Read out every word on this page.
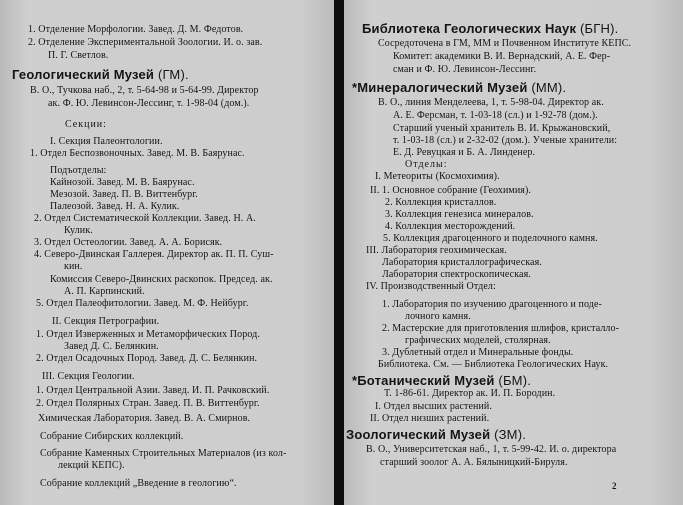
1. Отделение Морфологии. Завед. Д. М. Федотов.
2. Отделение Экспериментальной Зоологии. И. о. зав.
П. Г. Светлов.
Геологический Музей (ГМ).
В. О., Тучкова наб., 2, т. 5-64-98 и 5-64-99. Директор
ак. Ф. Ю. Левинсон-Лессинг, т. 1-98-04 (дом.).
Секции:
I. Секция Палеонтологии.
1. Отдел Беспозвоночных. Завед. М. В. Баярунас.
Подъотделы:
Кайнозой. Завед. М. В. Баярунас.
Мезозой. Завед. П. В. Виттенбург.
Палеозой. Завед. Н. А. Кулик.
2. Отдел Систематической Коллекции. Завед. Н. А.
Кулик.
3. Отдел Остеологии. Завед. А. А. Борисяк.
4. Северо-Двинская Галлерея. Директор ак. П. П. Суш-
кин.
Комиссия Северо-Двинских раскопок. Председ. ак.
А. П. Карпинский.
5. Отдел Палеофитологии. Завед. М. Ф. Нейбург.
II. Секция Петрографии.
1. Отдел Изверженных и Метаморфических Пород.
Завед Д. С. Белянкин.
2. Отдел Осадочных Пород. Завед. Д. С. Белянкин.
III. Секция Геологии.
1. Отдел Центральной Азии. Завед. И. П. Рачковский.
2. Отдел Полярных Стран. Завед. П. В. Виттенбург.
Химическая Лаборатория. Завед. В. А. Смирнов.
Собрание Сибирских коллекций.
Собрание Каменных Строительных Материалов (из кол-
лекций КЕПС).
Собрание коллекций „Введение в геологию“.
Библиотека Геологических Наук (БГН).
Сосредоточена в ГМ, ММ и Почвенном Институте КЕПС.
Комитет: академики В. И. Вернадский, А. Е. Фер-
сман и Ф. Ю. Левинсон-Лессинг.
*Минералогический Музей (ММ).
В. О., линия Менделеева, 1, т. 5-98-04. Директор ак.
А. Е. Ферсман, т. 1-03-18 (сл.) и 1-92-78 (дом.).
Старший ученый хранитель В. И. Крыжановский,
т. 1-03-18 (сл.) и 2-32-02 (дом.). Ученые хранители:
Е. Д. Ревуцкая и Б. А. Линденер.
Отделы:
I. Метеориты (Космохимия).
II. 1. Основное собрание (Геохимия).
2. Коллекция кристаллов.
3. Коллекция генезиса минералов.
4. Коллекция месторождений.
5. Коллекция драгоценного и поделочного камня.
III. Лаборатория геохимическая.
Лаборатория кристаллографическая.
Лаборатория спектроскопическая.
IV. Производственный Отдел:
1. Лаборатория по изучению драгоценного и поде-
лочного камня.
2. Мастерские для приготовления шлифов, кристалло-
графических моделей, столярная.
3. Дублетный отдел и Минеральные фонды.
Библиотека. См. — Библиотека Геологических Наук.
*Ботанический Музей (БМ).
Т. 1-86-61. Директор ак. И. П. Бородин.
I. Отдел высших растений.
II. Отдел низших растений.
Зоологический Музей (ЗМ).
В. О., Университетская наб., 1, т. 5-99-42. И. о. директора
старший зоолог А. А. Бялыницкий-Бируля.
2
